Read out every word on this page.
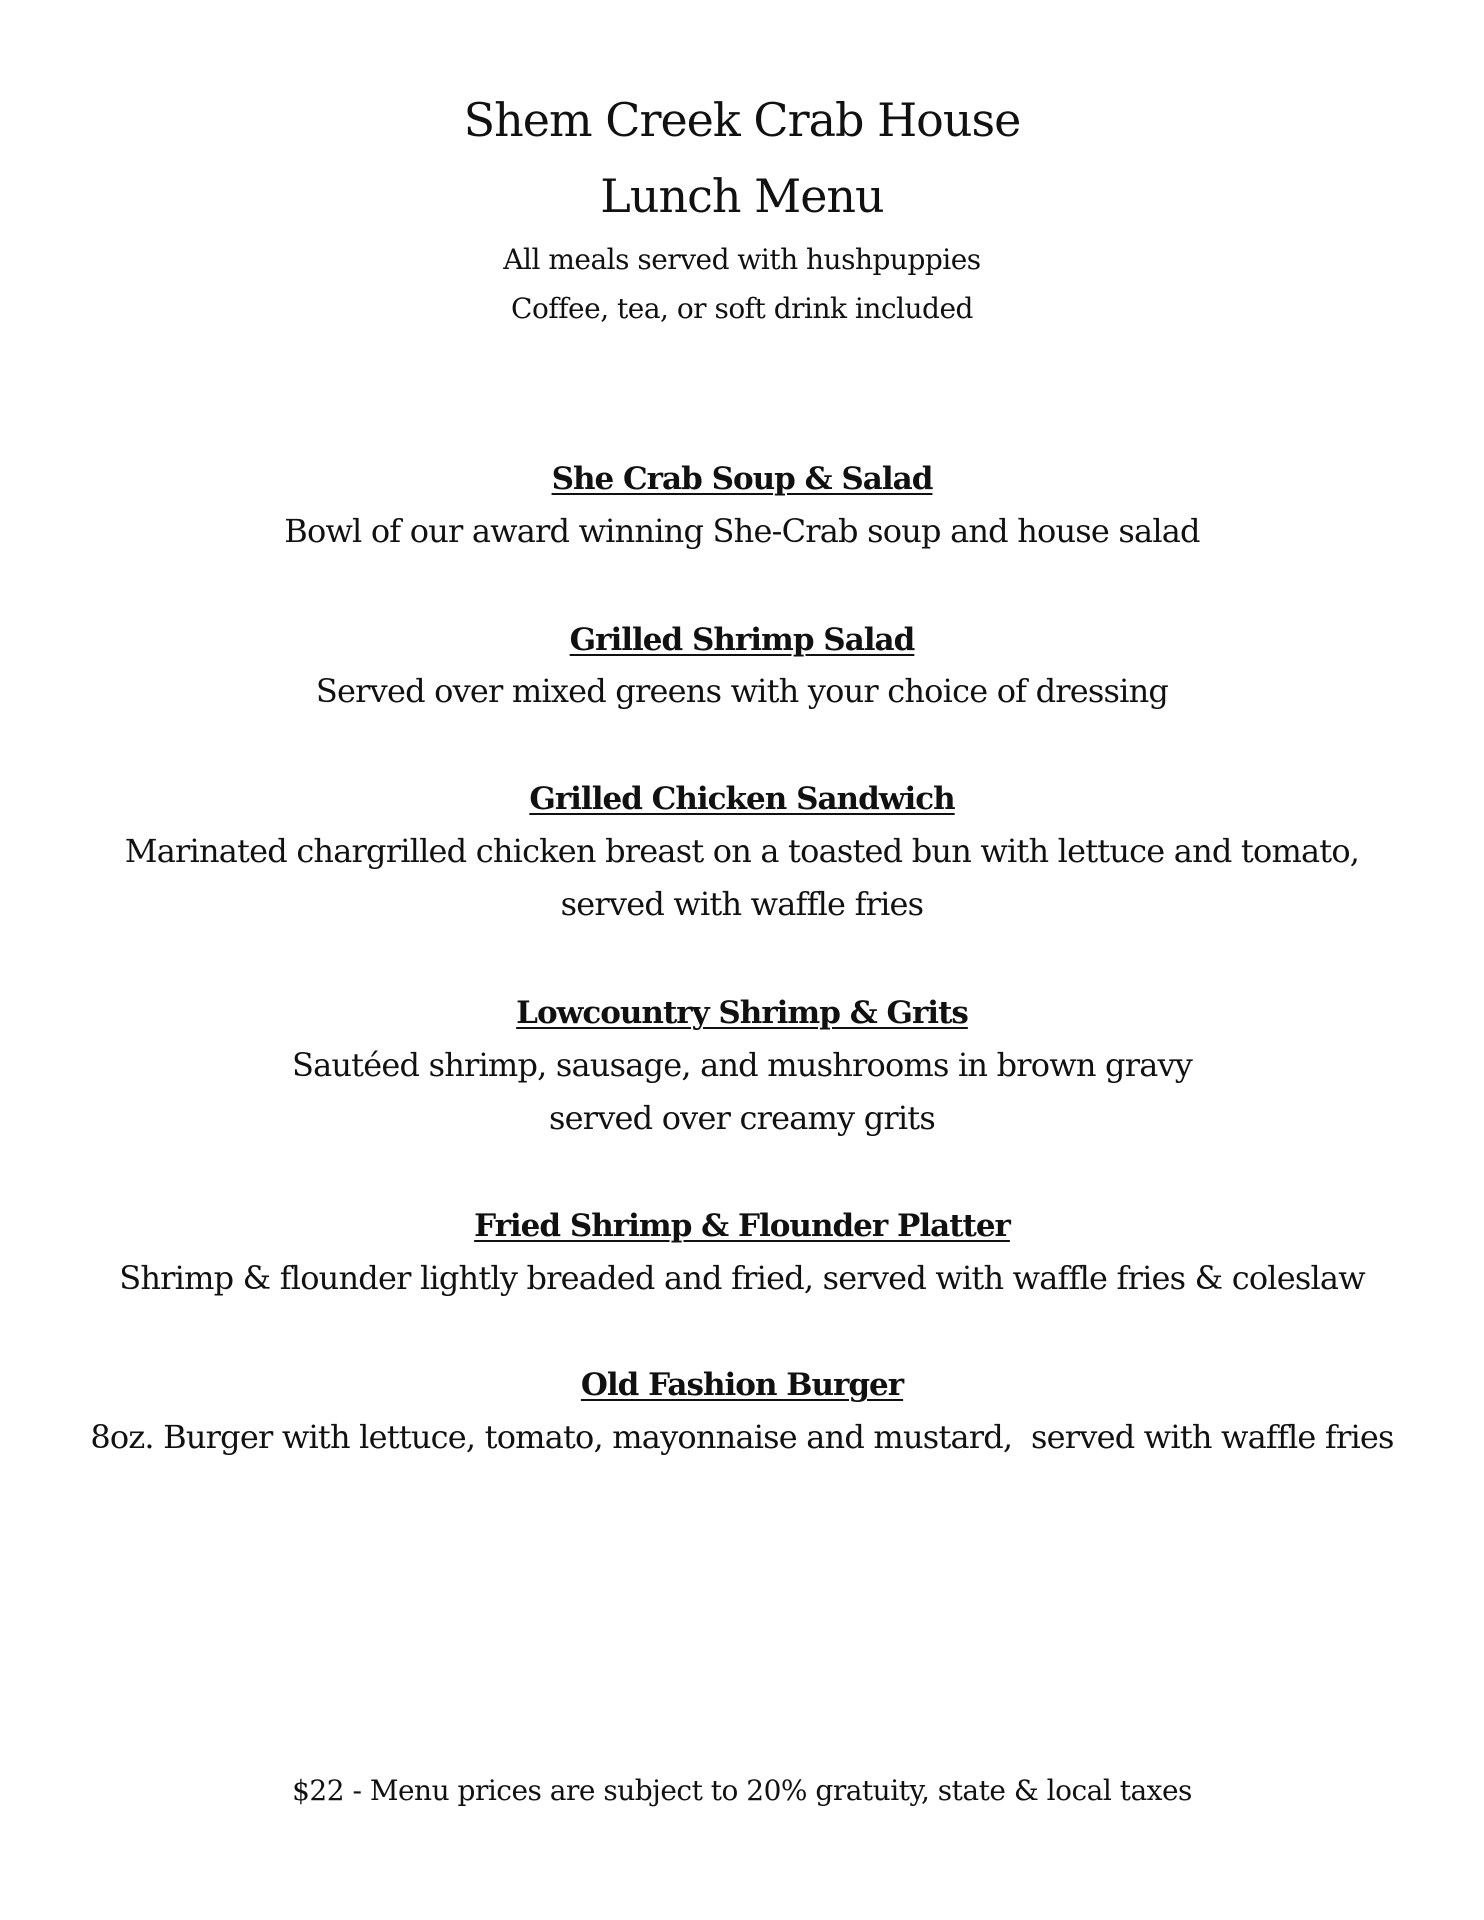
Shem Creek Crab House
Lunch Menu
All meals served with hushpuppies
Coffee, tea, or soft drink included
She Crab Soup & Salad
Bowl of our award winning She-Crab soup and house salad
Grilled Shrimp Salad
Served over mixed greens with your choice of dressing
Grilled Chicken Sandwich
Marinated chargrilled chicken breast on a toasted bun with lettuce and tomato, served with waffle fries
Lowcountry Shrimp & Grits
Sautéed shrimp, sausage, and mushrooms in brown gravy served over creamy grits
Fried Shrimp & Flounder Platter
Shrimp & flounder lightly breaded and fried, served with waffle fries & coleslaw
Old Fashion Burger
8oz. Burger with lettuce, tomato, mayonnaise and mustard,  served with waffle fries
$22 - Menu prices are subject to 20% gratuity, state & local taxes
